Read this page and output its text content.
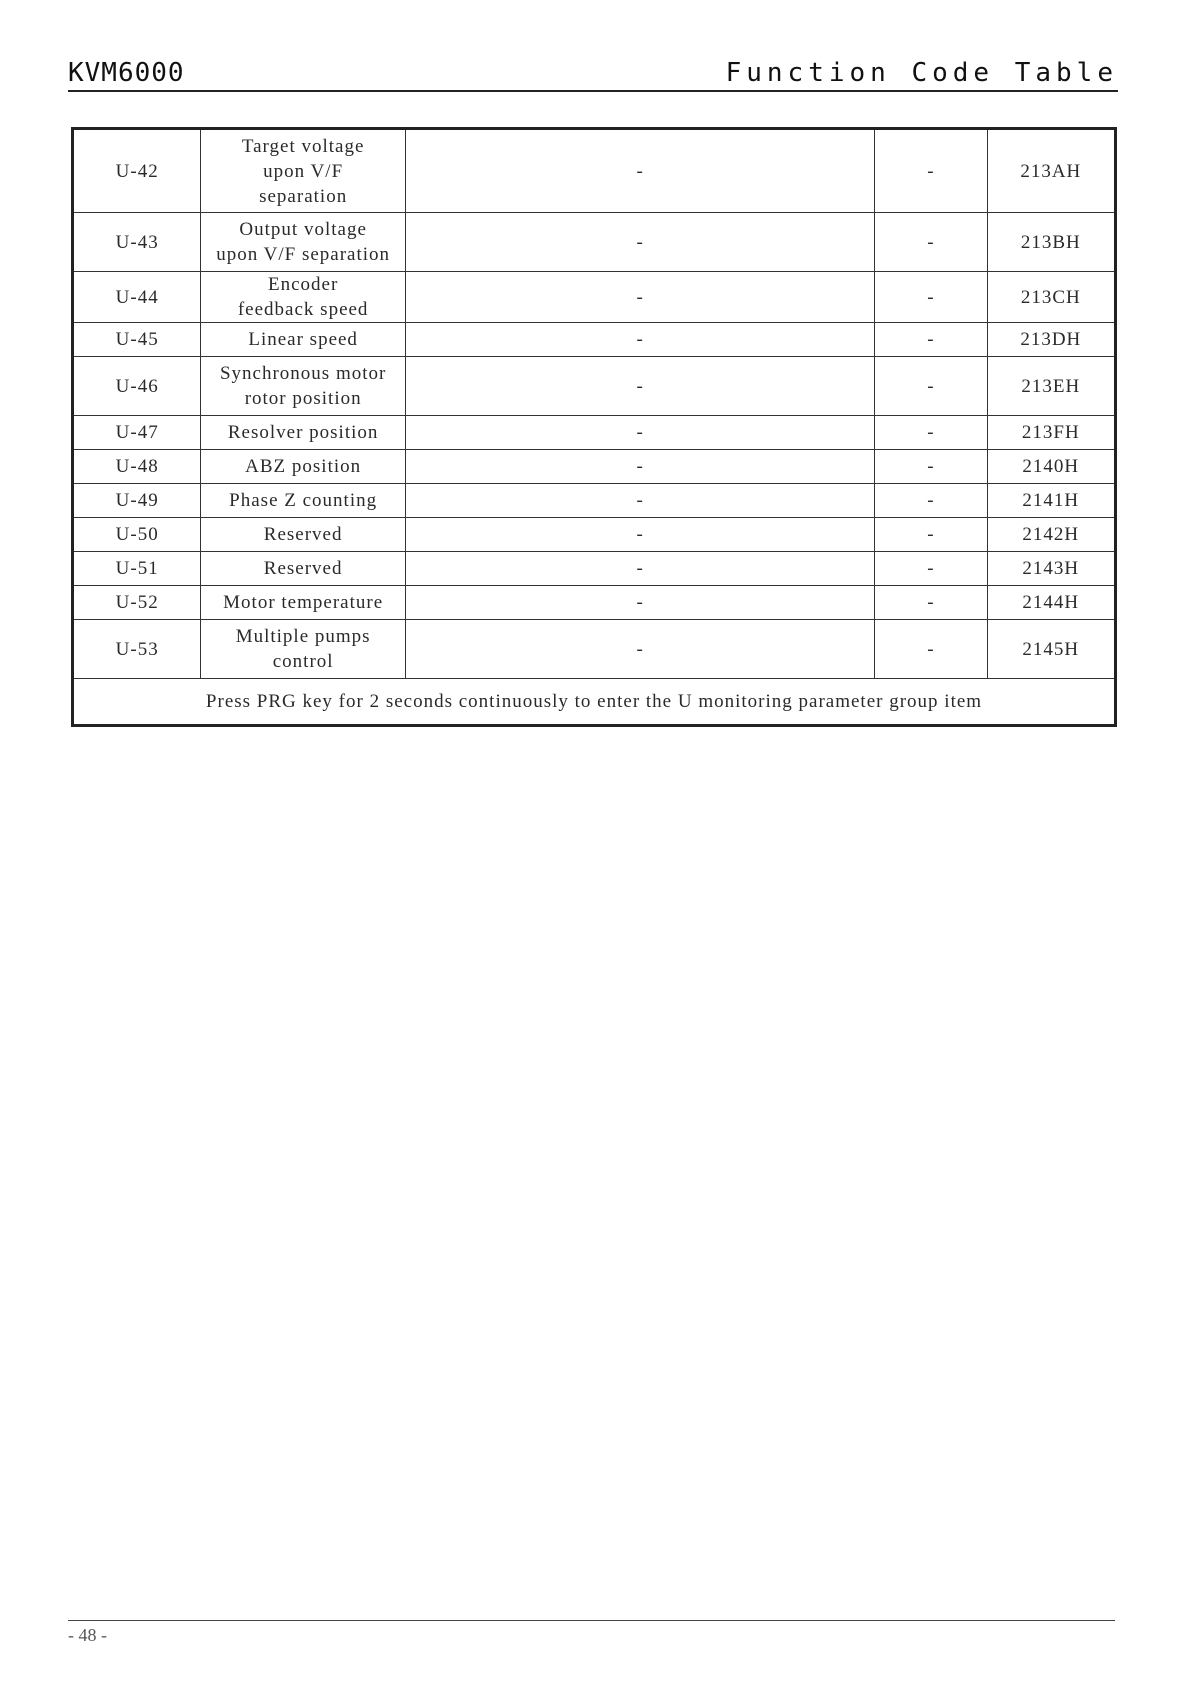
KVM6000	Function Code Table
U-42	Target voltage
upon V/F
separation	-	-	213AH
U-43	Output voltage
upon V/F separation	-	-	213BH
U-44	Encoder
feedback speed	-	-	213CH
U-45	Linear speed	-	-	213DH
U-46	Synchronous motor
rotor position	-	-	213EH
U-47	Resolver position	-	-	213FH
U-48	ABZ position	-	-	2140H
U-49	Phase Z counting	-	-	2141H
U-50	Reserved	-	-	2142H
U-51	Reserved	-	-	2143H
U-52	Motor temperature	-	-	2144H
U-53	Multiple pumps
control	-	-	2145H
Press PRG key for 2 seconds continuously to enter the U monitoring parameter group item				
- 48 -
